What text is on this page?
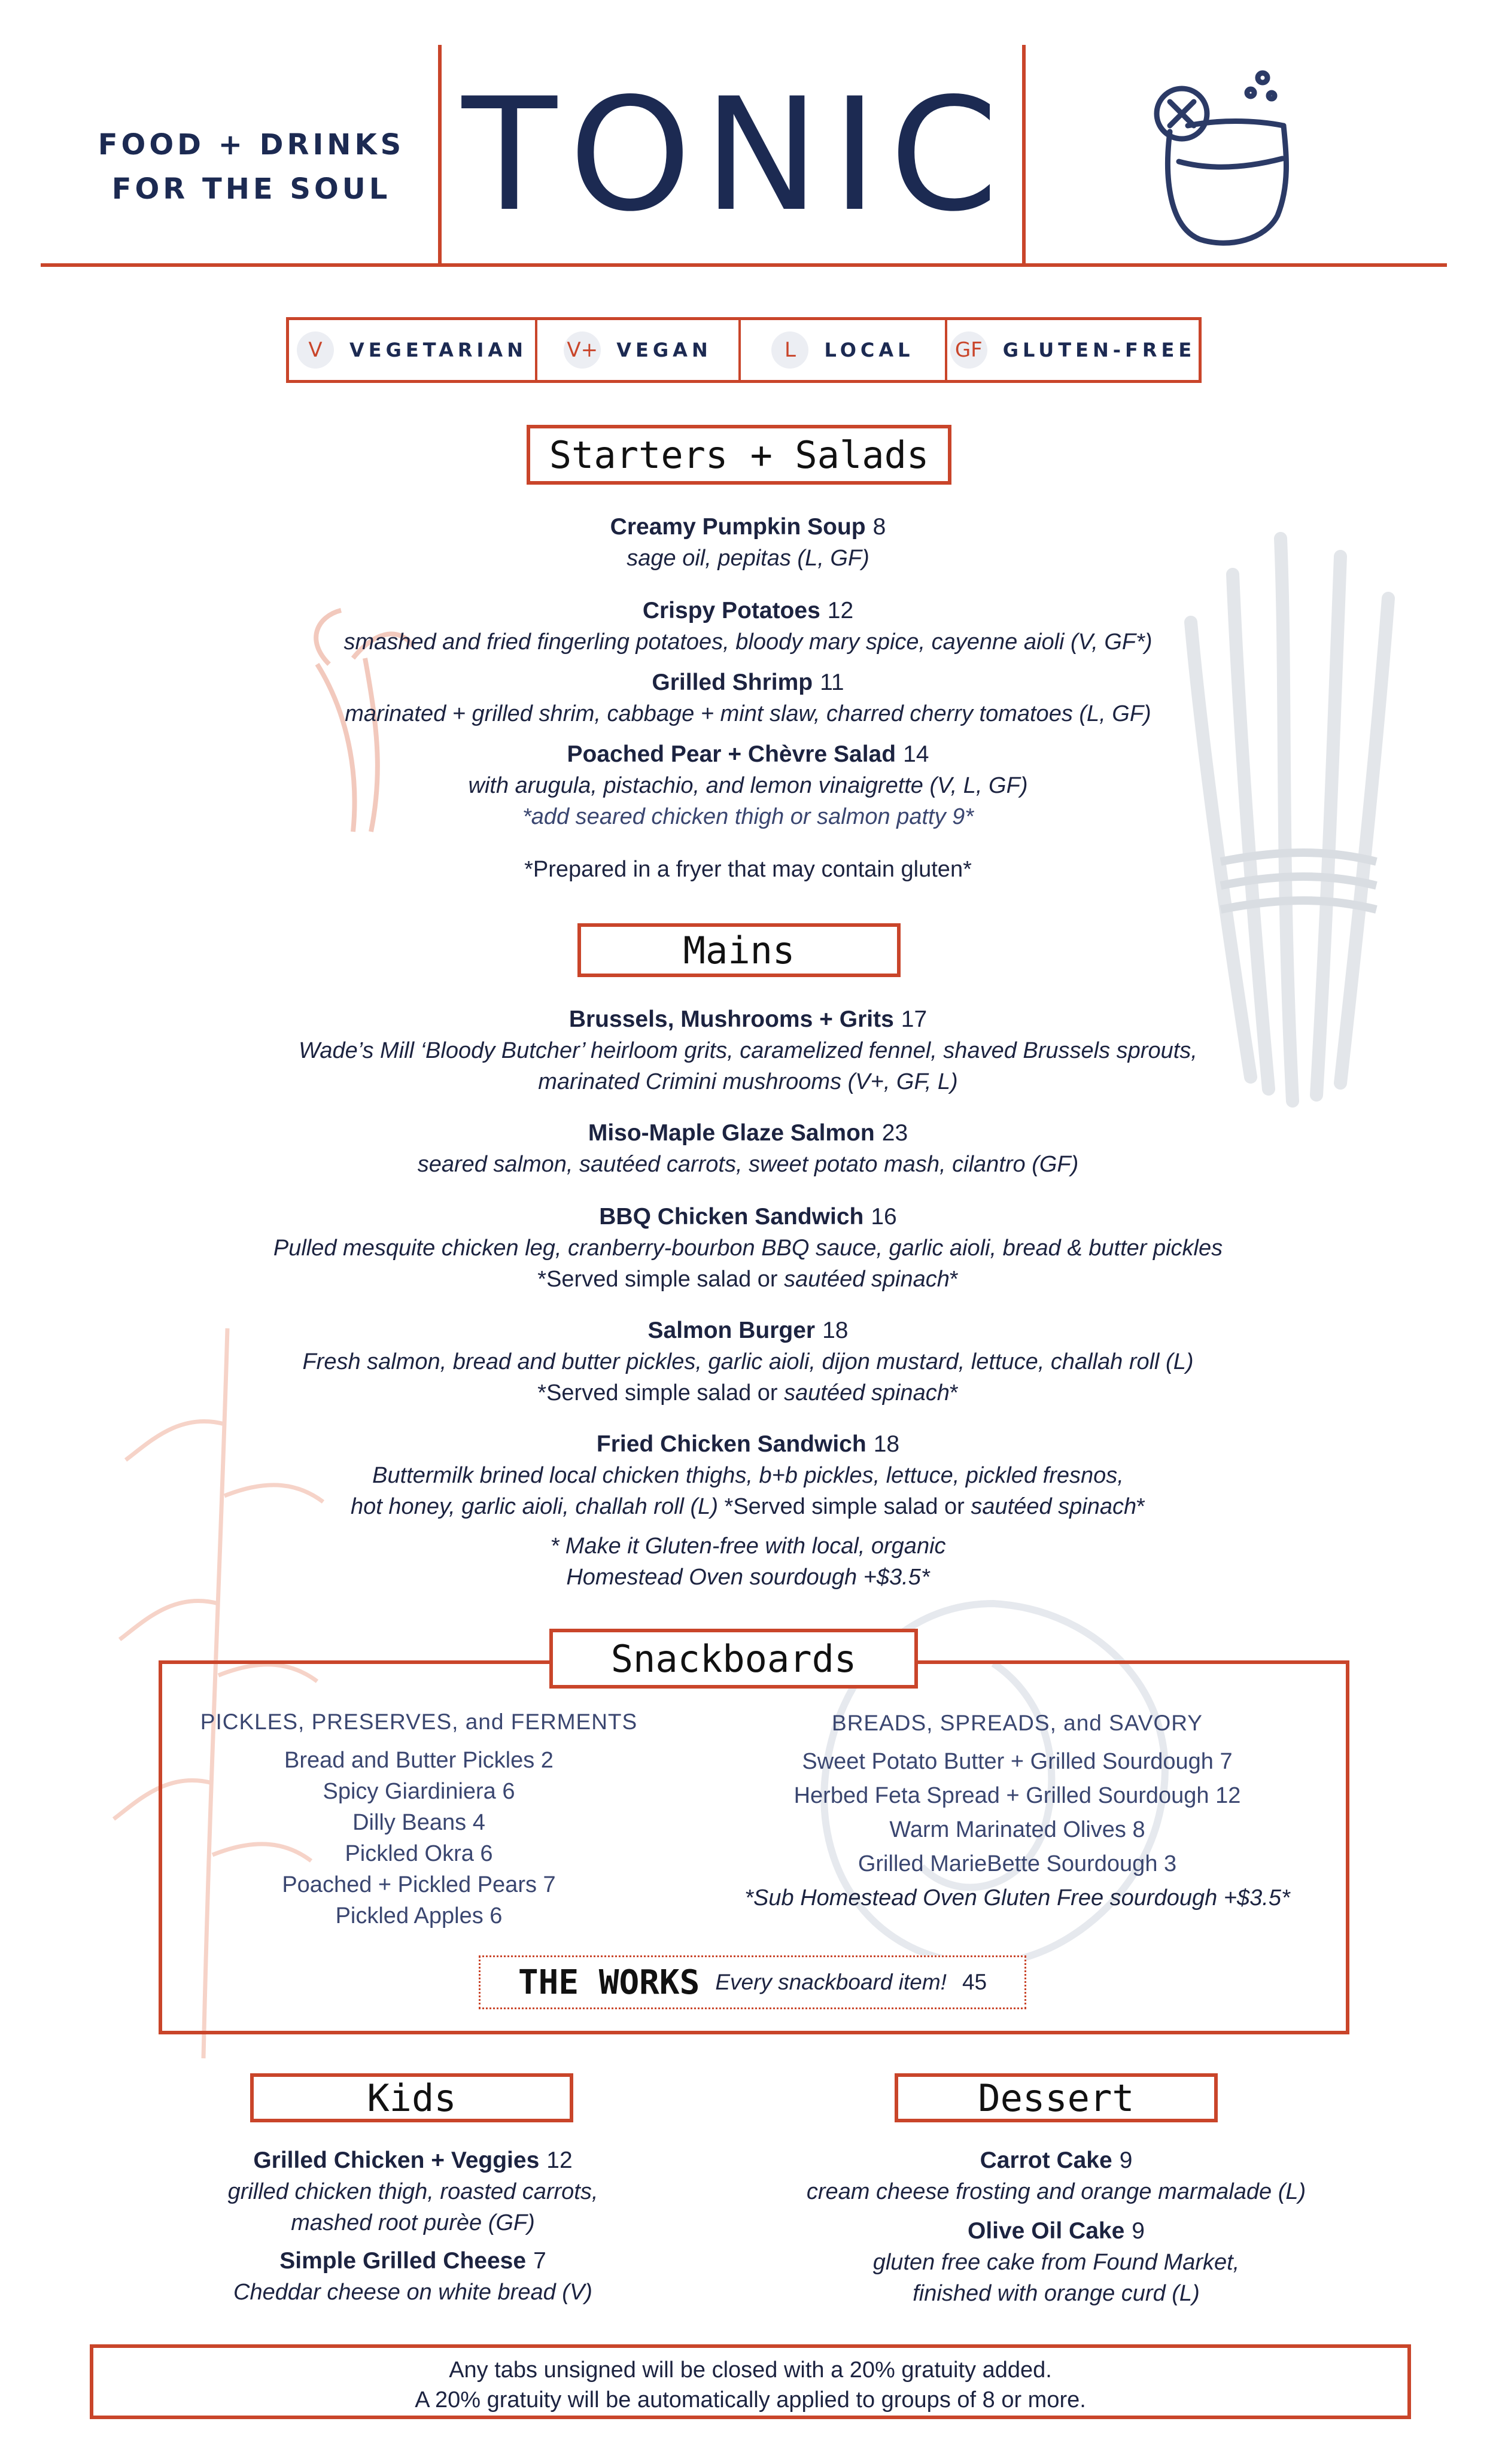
FOOD + DRINKS
FOR THE SOUL TONIC
V	VEGETARIAN V+ VEGAN	L	LOCAL GF GLUTEN-FREE
Starters + Salads
Creamy Pumpkin Soup 8
sage oil, pepitas (L, GF)
Crispy Potatoes 12
smashed and fried fingerling potatoes, bloody mary spice, cayenne aioli (V, GF*)
Grilled Shrimp 11
marinated + grilled shrim, cabbage + mint slaw, charred cherry tomatoes (L, GF)
Poached Pear + Chèvre Salad 14
with arugula, pistachio, and lemon vinaigrette (V, L, GF)
*add seared chicken thigh or salmon patty 9*
*Prepared in a fryer that may contain gluten*
Mains
Brussels, Mushrooms + Grits 17
Wade’s Mill ‘Bloody Butcher’ heirloom grits, caramelized fennel, shaved Brussels sprouts,
marinated Crimini mushrooms (V+, GF, L)
Miso-Maple Glaze Salmon 23
seared salmon, sautéed carrots, sweet potato mash, cilantro (GF)
BBQ Chicken Sandwich 16
Pulled mesquite chicken leg, cranberry-bourbon BBQ sauce, garlic aioli, bread & butter pickles
*Served simple salad or sautéed spinach*
Salmon Burger 18
Fresh salmon, bread and butter pickles, garlic aioli, dijon mustard, lettuce, challah roll (L)
*Served simple salad or sautéed spinach*
Fried Chicken Sandwich 18
Buttermilk brined local chicken thighs, b+b pickles, lettuce, pickled fresnos,
hot honey, garlic aioli, challah roll (L) *Served simple salad or sautéed spinach*
* Make it Gluten-free with local, organic
Homestead Oven sourdough +$3.5*
Snackboards
PICKLES, PRESERVES, and FERMENTS
Bread and Butter Pickles 2
Spicy Giardiniera 6
Dilly Beans 4
Pickled Okra 6
Poached + Pickled Pears 7
Pickled Apples 6
BREADS, SPREADS, and SAVORY
Sweet Potato Butter + Grilled Sourdough 7
Herbed Feta Spread + Grilled Sourdough 12
Warm Marinated Olives 8
Grilled MarieBette Sourdough 3
*Sub Homestead Oven Gluten Free sourdough +$3.5*
THE WORKS Every snackboard item! 45
Kids
Grilled Chicken + Veggies 12
grilled chicken thigh, roasted carrots,
mashed root purèe (GF)
Simple Grilled Cheese 7
Cheddar cheese on white bread (V)
Dessert
Carrot Cake 9
cream cheese frosting and orange marmalade (L)
Olive Oil Cake 9
gluten free cake from Found Market,
finished with orange curd (L)
Any tabs unsigned will be closed with a 20% gratuity added.
A 20% gratuity will be automatically applied to groups of 8 or more.
